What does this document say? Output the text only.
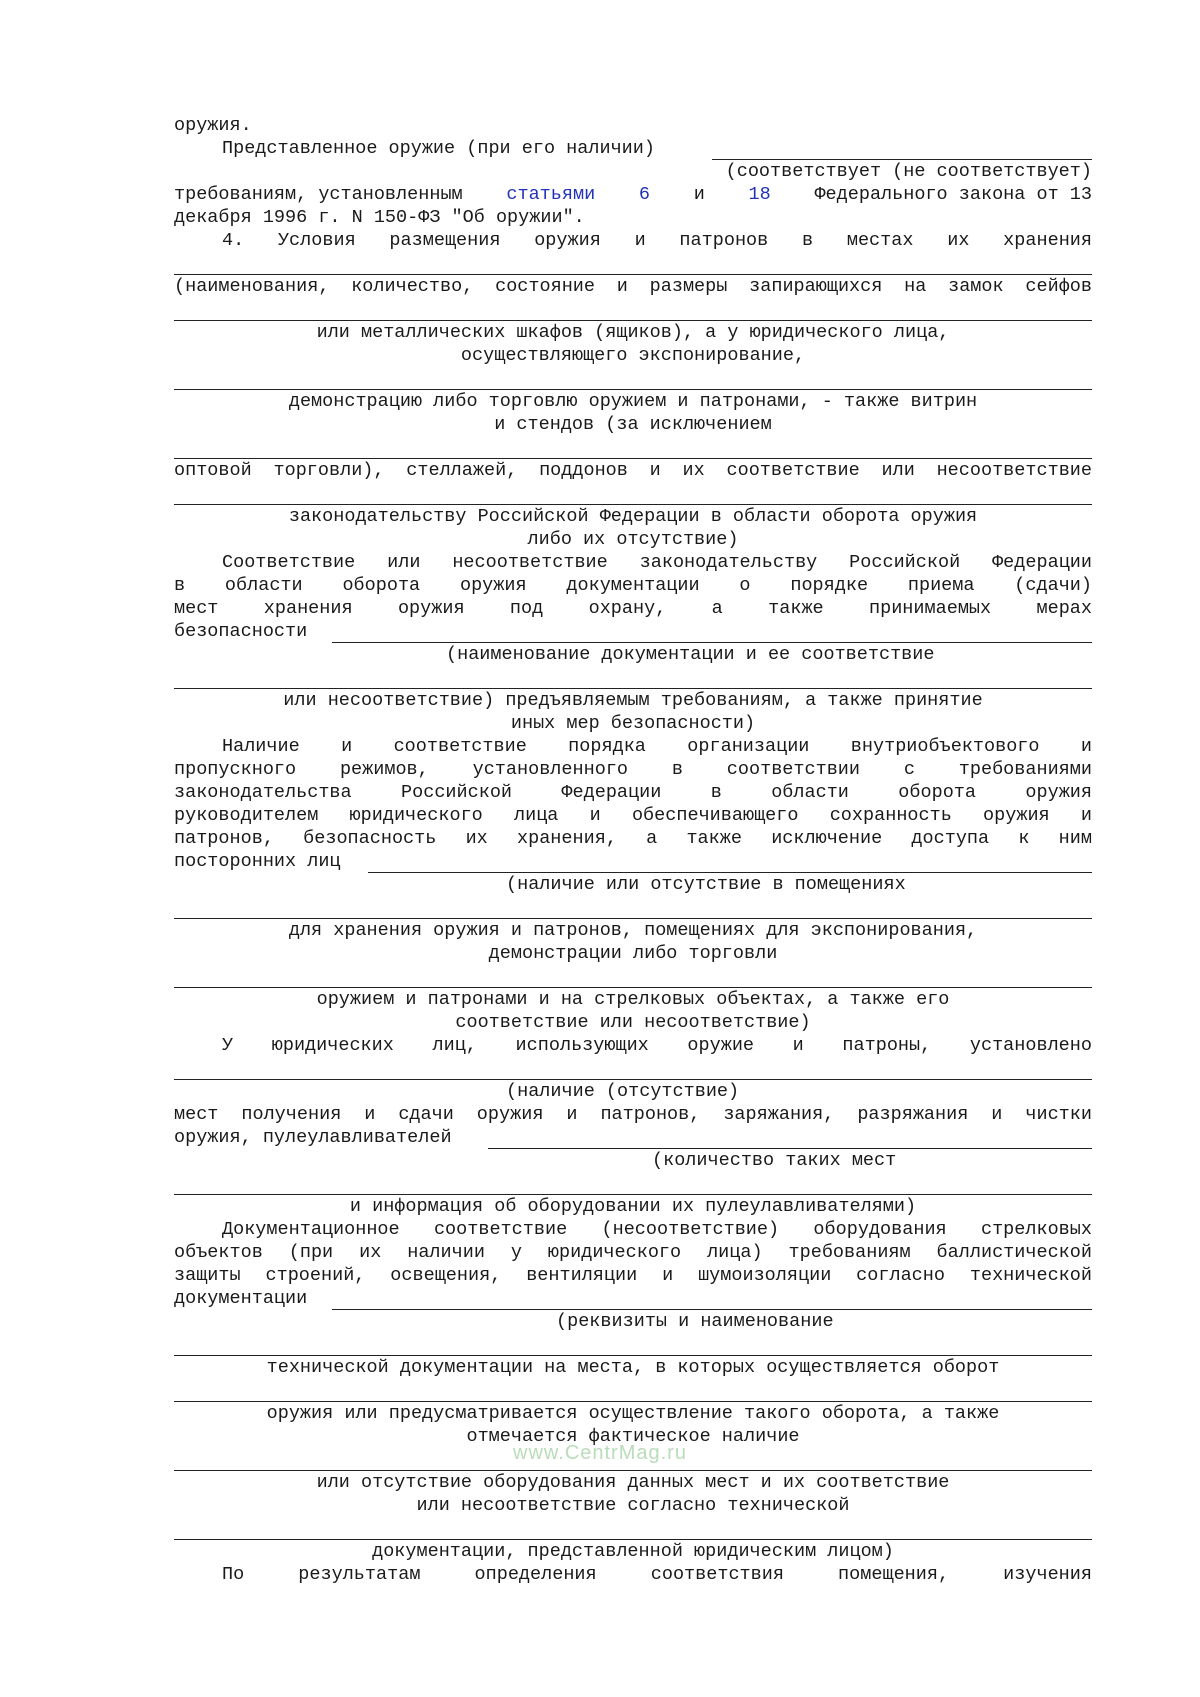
оружия.
Представленное оружие (при его наличии)
(соответствует (не соответствует)
требованиям, установленным статьями 6 и 18 Федерального закона от 13
декабря 1996 г. N 150-ФЗ "Об оружии".
4. Условия размещения оружия и патронов в местах их хранения
(наименования, количество, состояние и размеры запирающихся на замок сейфов
или металлических шкафов (ящиков), а у юридического лица,
осуществляющего экспонирование,
демонстрацию либо торговлю оружием и патронами, - также витрин
и стендов (за исключением
оптовой торговли), стеллажей, поддонов и их соответствие или несоответствие
законодательству Российской Федерации в области оборота оружия
либо их отсутствие)
Соответствие или несоответствие законодательству Российской Федерации
в области оборота оружия документации о порядке приема (сдачи)
мест хранения оружия под охрану, а также принимаемых мерах
безопасности
(наименование документации и ее соответствие
или несоответствие) предъявляемым требованиям, а также принятие
иных мер безопасности)
Наличие и соответствие порядка организации внутриобъектового и
пропускного режимов, установленного в соответствии с требованиями
законодательства Российской Федерации в области оборота оружия
руководителем юридического лица и обеспечивающего сохранность оружия и
патронов, безопасность их хранения, а также исключение доступа к ним
посторонних лиц
(наличие или отсутствие в помещениях
для хранения оружия и патронов, помещениях для экспонирования,
демонстрации либо торговли
оружием и патронами и на стрелковых объектах, а также его
соответствие или несоответствие)
У юридических лиц, использующих оружие и патроны, установлено
(наличие (отсутствие)
мест получения и сдачи оружия и патронов, заряжания, разряжания и чистки
оружия, пулеулавливателей
(количество таких мест
и информация об оборудовании их пулеулавливателями)
Документационное соответствие (несоответствие) оборудования стрелковых
объектов (при их наличии у юридического лица) требованиям баллистической
защиты строений, освещения, вентиляции и шумоизоляции согласно технической
документации
(реквизиты и наименование
технической документации на места, в которых осуществляется оборот
оружия или предусматривается осуществление такого оборота, а также
отмечается фактическое наличие
www.CentrMag.ru
или отсутствие оборудования данных мест и их соответствие
или несоответствие согласно технической
документации, представленной юридическим лицом)
По результатам определения соответствия помещения, изучения
